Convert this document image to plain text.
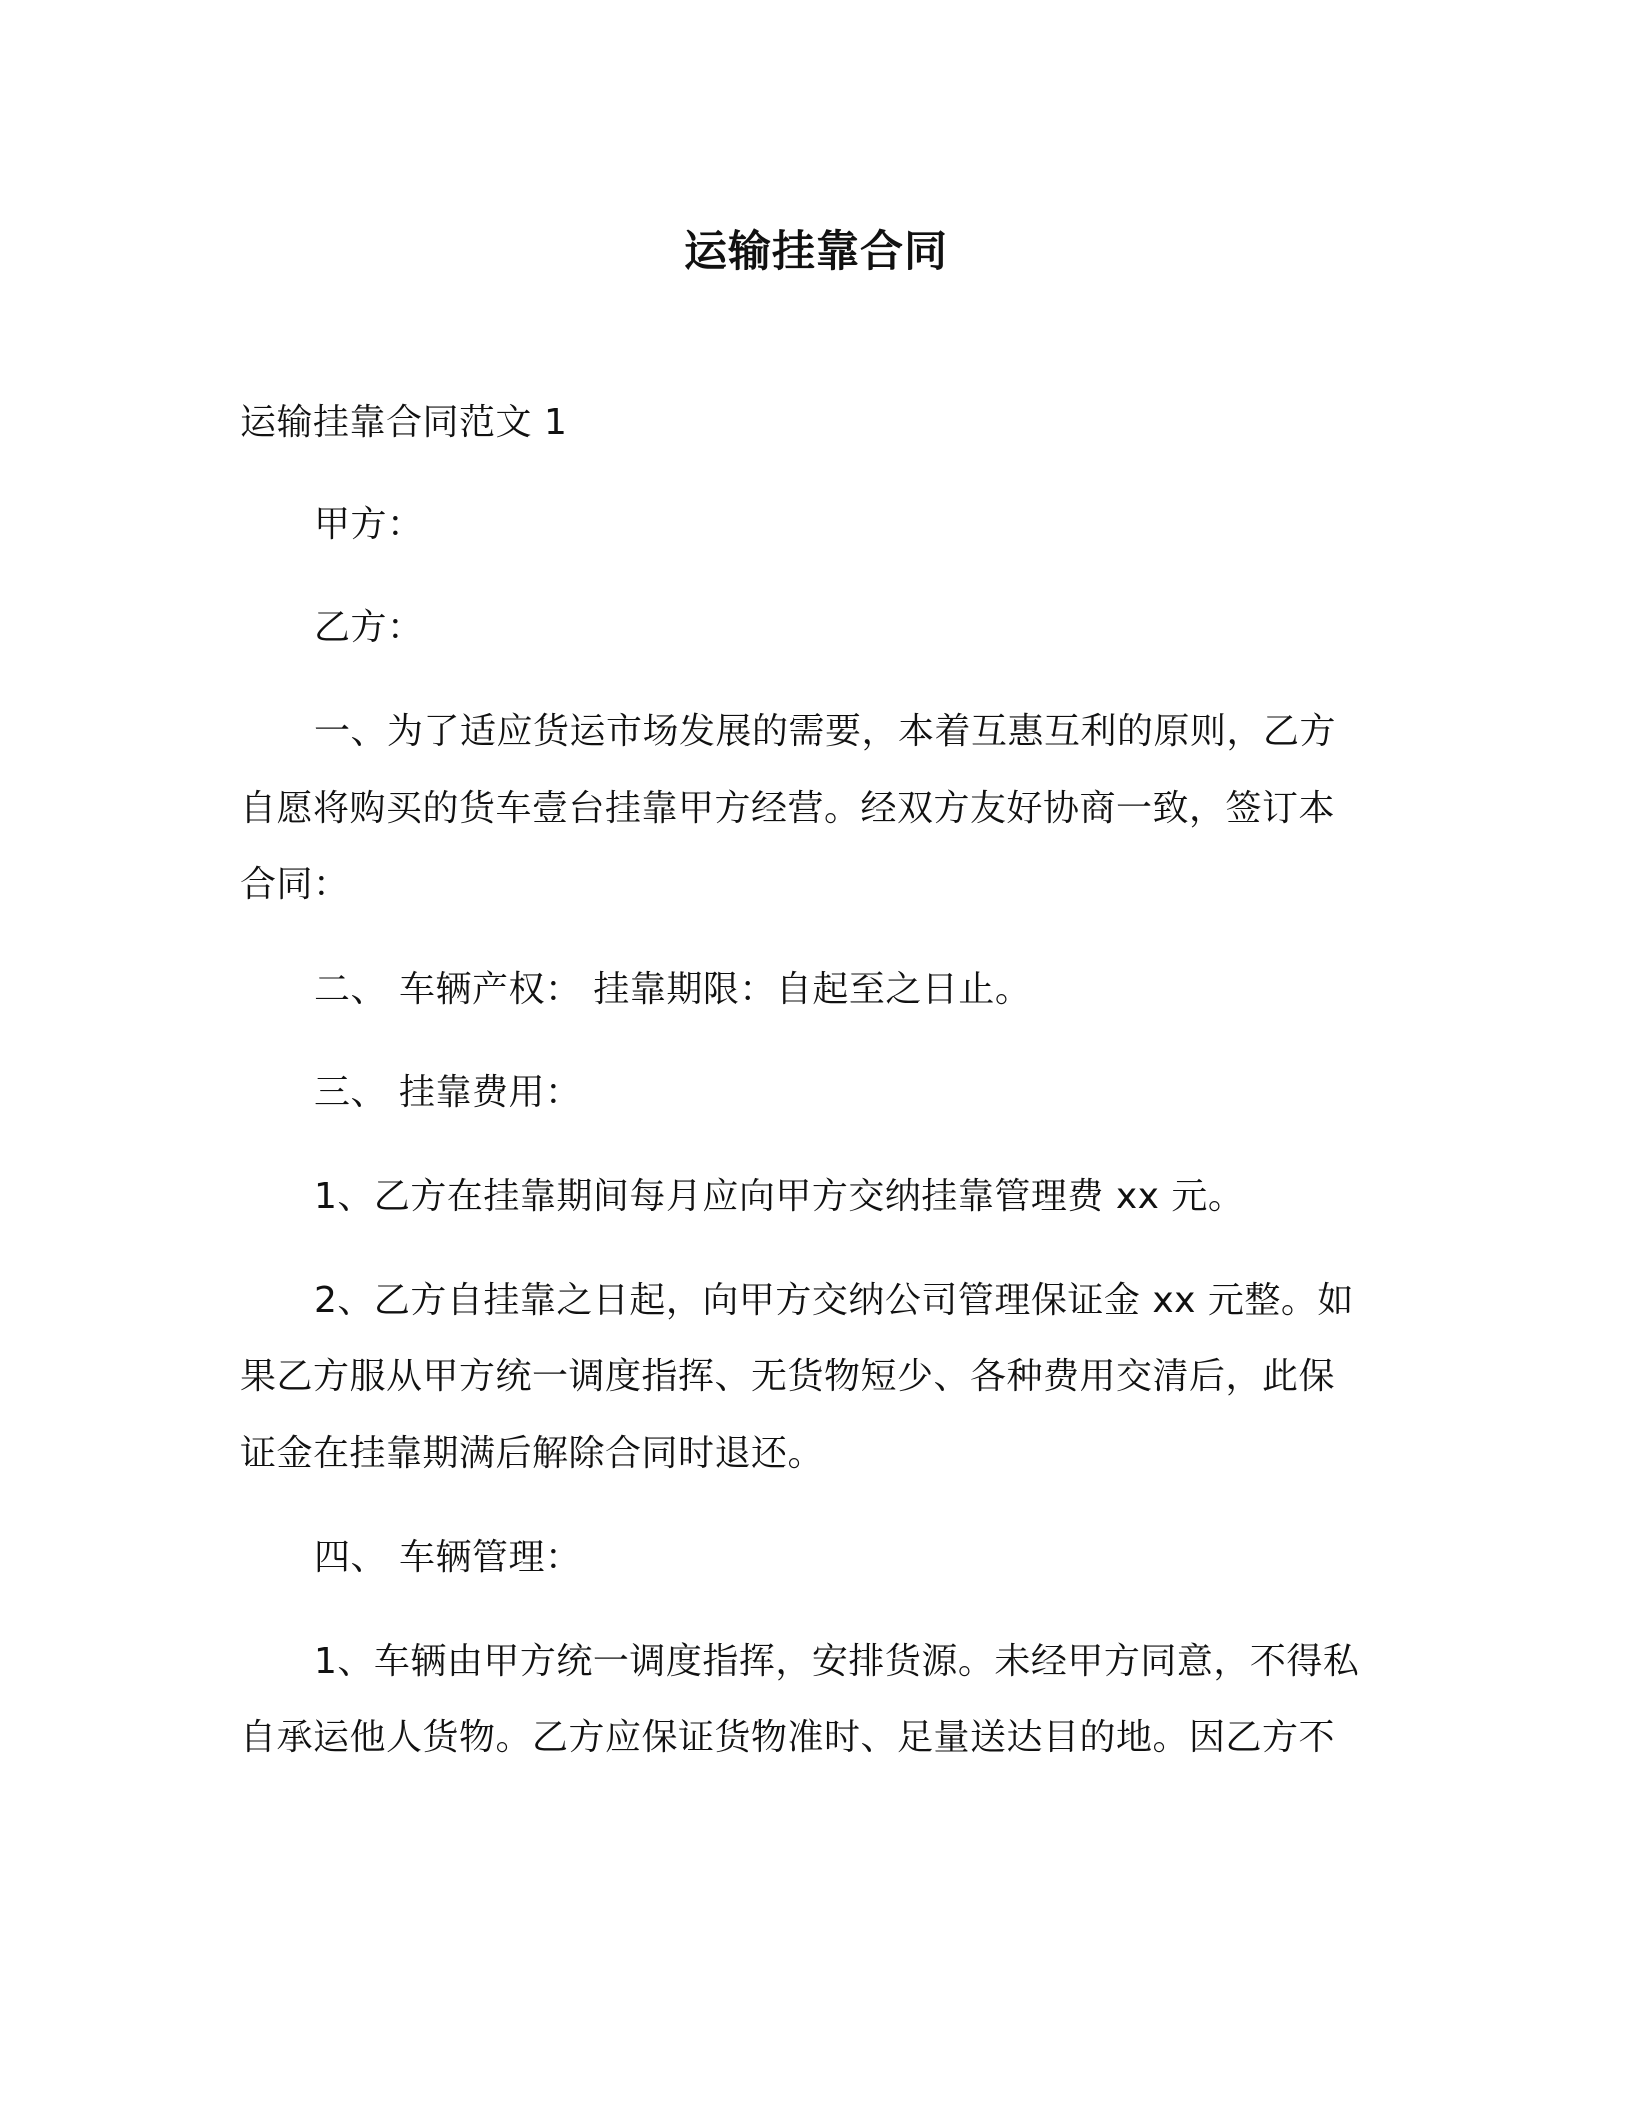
运输挂靠合同
运输挂靠合同范文 1
甲方：
乙方：
一、为了适应货运市场发展的需要，本着互惠互利的原则，乙方
自愿将购买的货车壹台挂靠甲方经营。经双方友好协商一致，签订本
合同：
二、 车辆产权： 挂靠期限：自起至之日止。
三、 挂靠费用：
1、乙方在挂靠期间每月应向甲方交纳挂靠管理费 xx 元。
2、乙方自挂靠之日起，向甲方交纳公司管理保证金 xx 元整。如
果乙方服从甲方统一调度指挥、无货物短少、各种费用交清后，此保
证金在挂靠期满后解除合同时退还。
四、 车辆管理：
1、车辆由甲方统一调度指挥，安排货源。未经甲方同意，不得私
自承运他人货物。乙方应保证货物准时、足量送达目的地。因乙方不
